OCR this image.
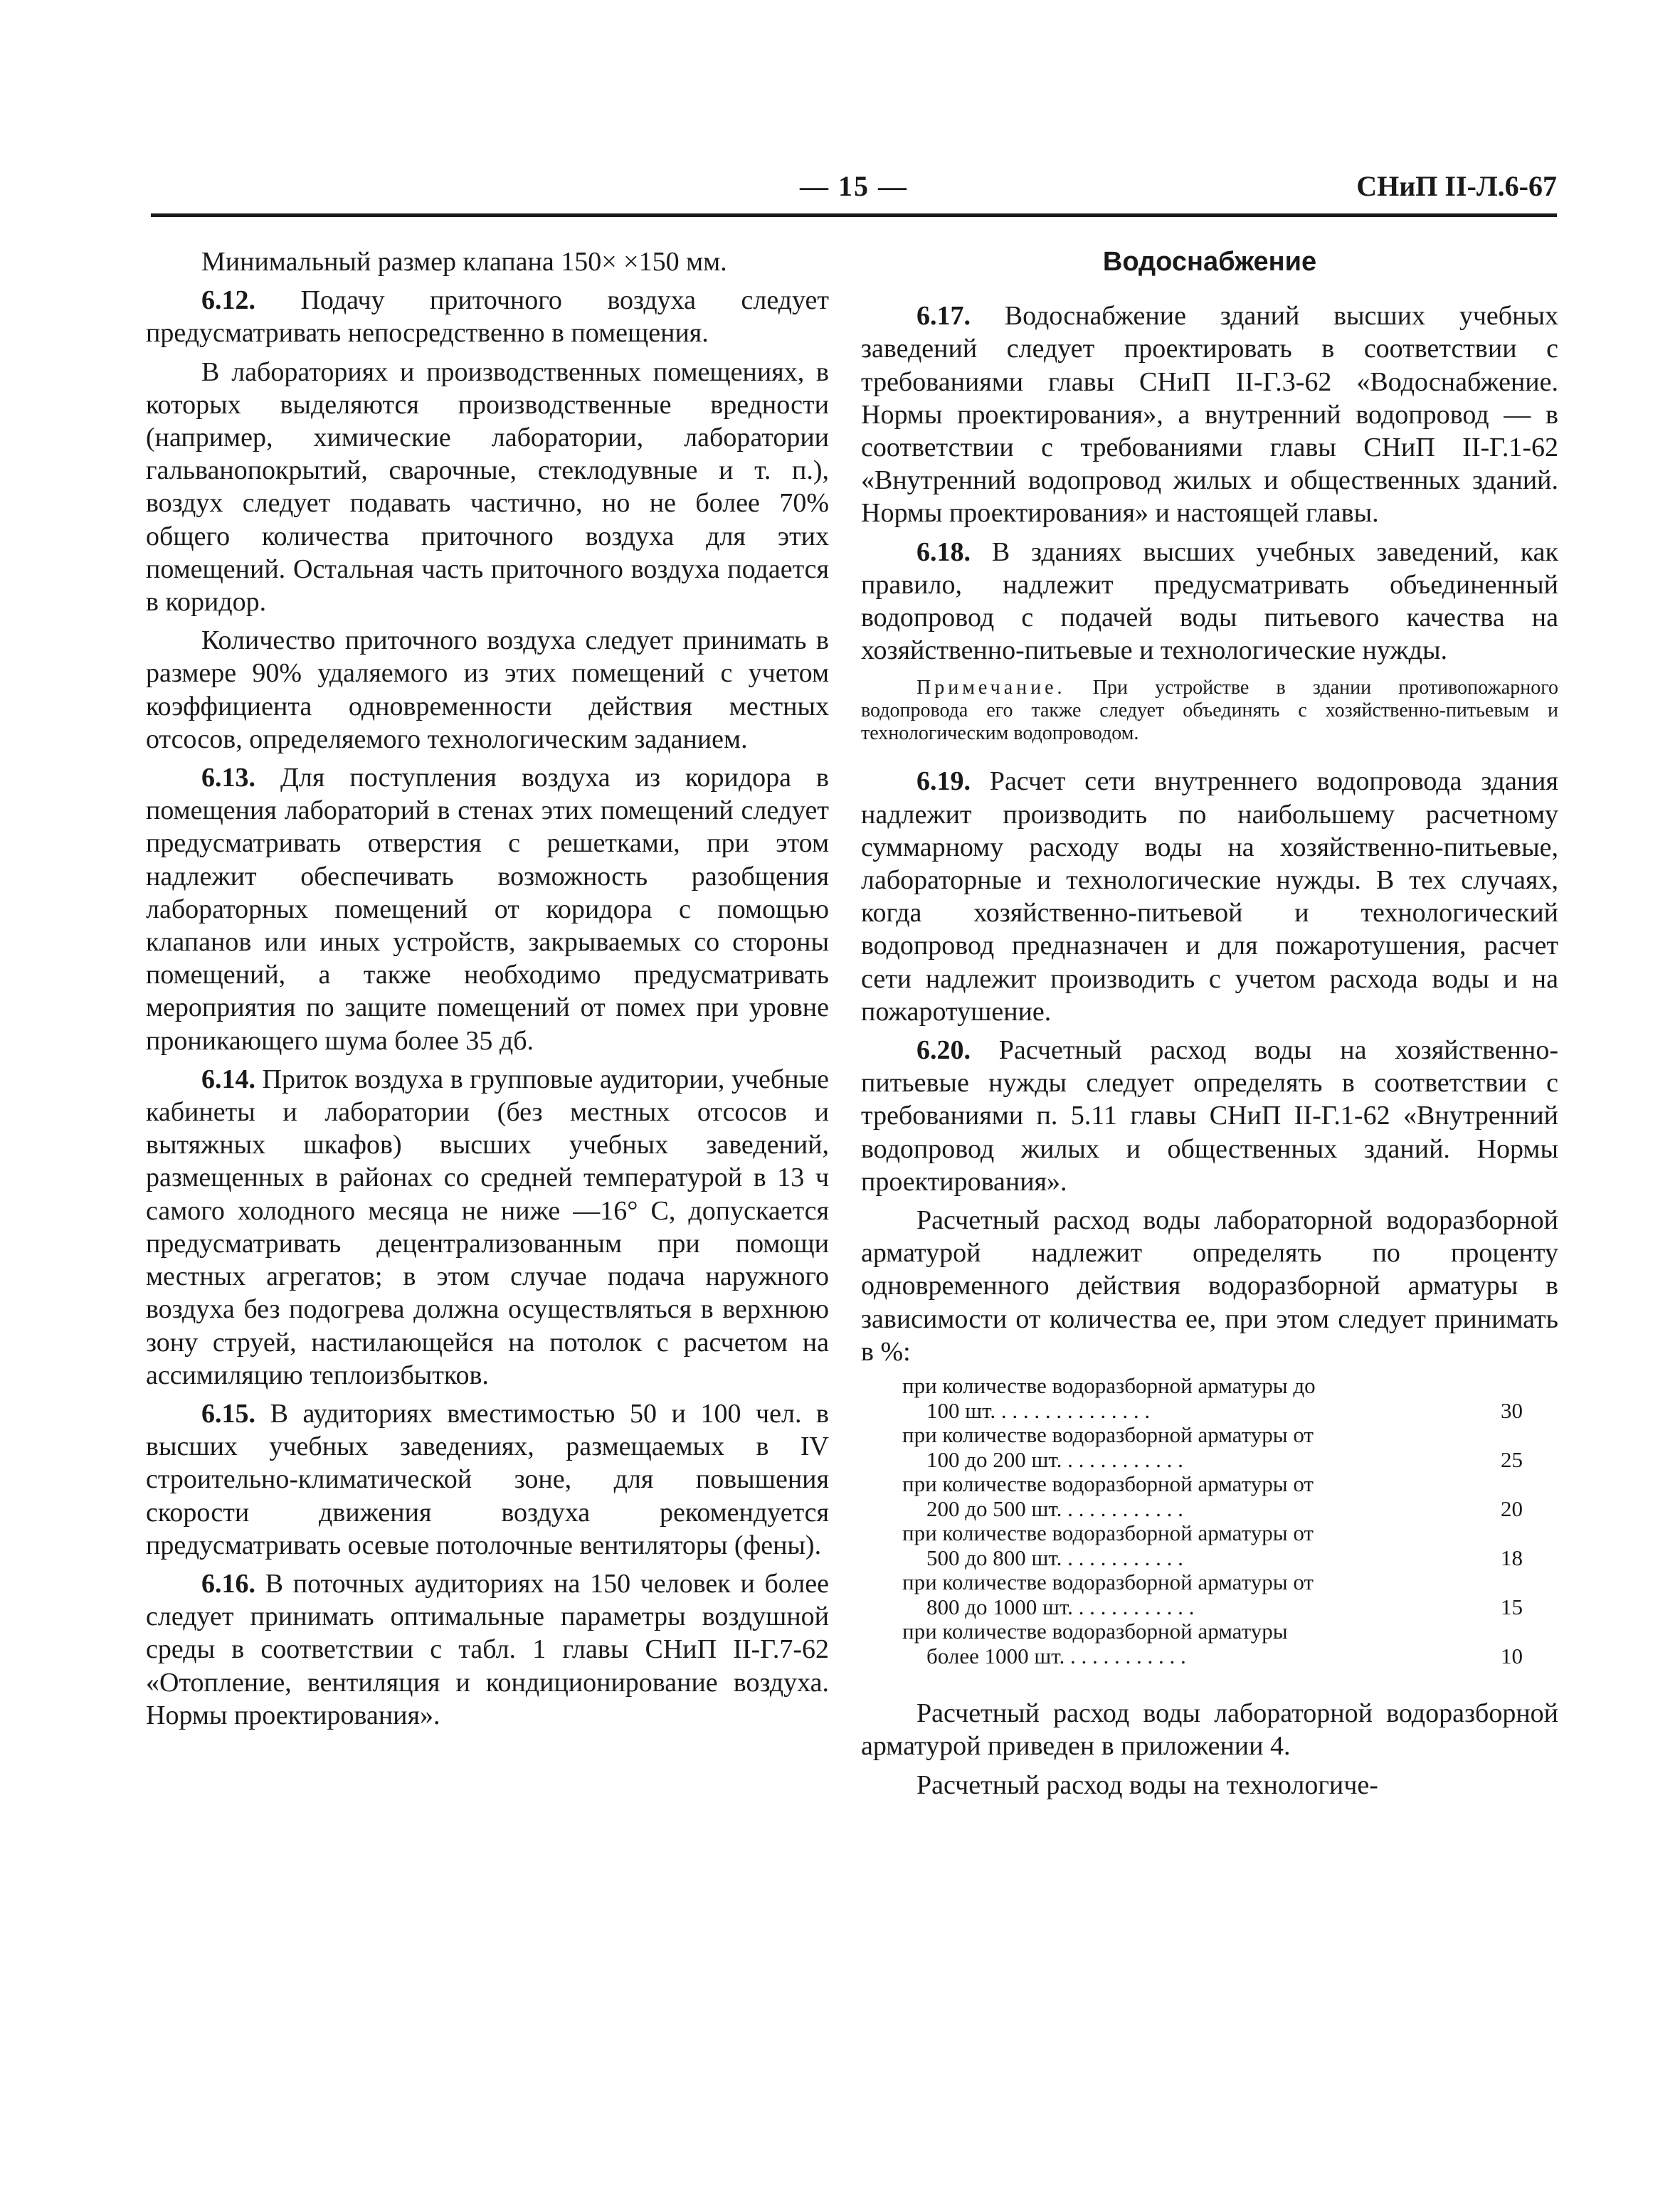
— 15 —	СНиП II-Л.6-67

Минимальный размер клапана 150× ×150 мм.

6.12. Подачу приточного воздуха следует предусматривать непосредственно в помещения.

В лабораториях и производственных помещениях, в которых выделяются производственные вредности (например, химические лаборатории, лаборатории гальванопокрытий, сварочные, стеклодувные и т. п.), воздух следует подавать частично, но не более 70% общего количества приточного воздуха для этих помещений. Остальная часть приточного воздуха подается в коридор.

Количество приточного воздуха следует принимать в размере 90% удаляемого из этих помещений с учетом коэффициента одновременности действия местных отсосов, определяемого технологическим заданием.

6.13. Для поступления воздуха из коридора в помещения лабораторий в стенах этих помещений следует предусматривать отверстия с решетками, при этом надлежит обеспечивать возможность разобщения лабораторных помещений от коридора с помощью клапанов или иных устройств, закрываемых со стороны помещений, а также необходимо предусматривать мероприятия по защите помещений от помех при уровне проникающего шума более 35 дб.

6.14. Приток воздуха в групповые аудитории, учебные кабинеты и лаборатории (без местных отсосов и вытяжных шкафов) высших учебных заведений, размещенных в районах со средней температурой в 13 ч самого холодного месяца не ниже —16° С, допускается предусматривать децентрализованным при помощи местных агрегатов; в этом случае подача наружного воздуха без подогрева должна осуществляться в верхнюю зону струей, настилающейся на потолок с расчетом на ассимиляцию теплоизбытков.

6.15. В аудиториях вместимостью 50 и 100 чел. в высших учебных заведениях, размещаемых в IV строительно-климатической зоне, для повышения скорости движения воздуха рекомендуется предусматривать осевые потолочные вентиляторы (фены).

6.16. В поточных аудиториях на 150 человек и более следует принимать оптимальные параметры воздушной среды в соответствии с табл. 1 главы СНиП II-Г.7-62 «Отопление, вентиляция и кондиционирование воздуха. Нормы проектирования».

Водоснабжение

6.17. Водоснабжение зданий высших учебных заведений следует проектировать в соответствии с требованиями главы СНиП II-Г.3-62 «Водоснабжение. Нормы проектирования», а внутренний водопровод — в соответствии с требованиями главы СНиП II-Г.1-62 «Внутренний водопровод жилых и общественных зданий. Нормы проектирования» и настоящей главы.

6.18. В зданиях высших учебных заведений, как правило, надлежит предусматривать объединенный водопровод с подачей воды питьевого качества на хозяйственно-питьевые и технологические нужды.

Примечание. При устройстве в здании противопожарного водопровода его также следует объединять с хозяйственно-питьевым и технологическим водопроводом.

6.19. Расчет сети внутреннего водопровода здания надлежит производить по наибольшему расчетному суммарному расходу воды на хозяйственно-питьевые, лабораторные и технологические нужды. В тех случаях, когда хозяйственно-питьевой и технологический водопровод предназначен и для пожаротушения, расчет сети надлежит производить с учетом расхода воды и на пожаротушение.

6.20. Расчетный расход воды на хозяйственно-питьевые нужды следует определять в соответствии с требованиями п. 5.11 главы СНиП II-Г.1-62 «Внутренний водопровод жилых и общественных зданий. Нормы проектирования».

Расчетный расход воды лабораторной водоразборной арматурой надлежит определять по проценту одновременного действия водоразборной арматуры в зависимости от количества ее, при этом следует принимать в %:

при количестве водоразборной арматуры до
100 шт. . . . . . . . . . . . . . .	30
при количестве водоразборной арматуры от
100 до 200 шт. . . . . . . . . . . .	25
при количестве водоразборной арматуры от
200 до 500 шт. . . . . . . . . . . .	20
при количестве водоразборной арматуры от
500 до 800 шт. . . . . . . . . . . .	18
при количестве водоразборной арматуры от
800 до 1000 шт. . . . . . . . . . . .	15
при количестве водоразборной арматуры
более 1000 шт. . . . . . . . . . . .	10

Расчетный расход воды лабораторной водоразборной арматурой приведен в приложении 4.

Расчетный расход воды на технологиче-
